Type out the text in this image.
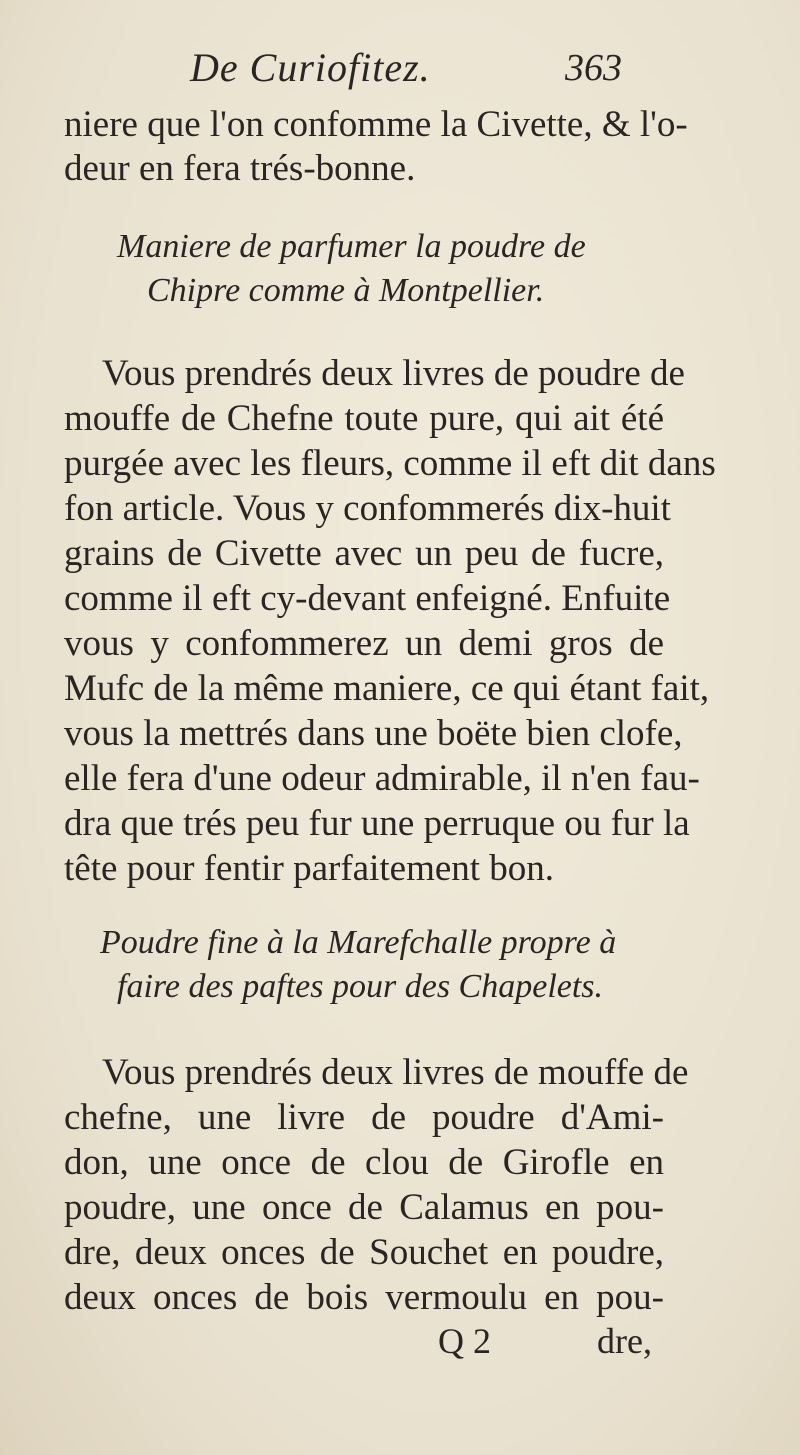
De Curiofitez.	363
niere que l'on confomme la Civette, & l'o-
deur en fera trés-bonne.
Maniere de parfumer la poudre de
Chipre comme à Montpellier.
Vous prendrés deux livres de poudre de
mouffe de Chefne toute pure, qui ait été
purgée avec les fleurs, comme il eft dit dans
fon article. Vous y confommerés dix-huit
grains de Civette avec un peu de fucre,
comme il eft cy-devant enfeigné. Enfuite
vous y confommerez un demi gros de
Mufc de la même maniere, ce qui étant fait,
vous la mettrés dans une boëte bien clofe,
elle fera d'une odeur admirable, il n'en fau-
dra que trés peu fur une perruque ou fur la
tête pour fentir parfaitement bon.
Poudre fine à la Marefchalle propre à
faire des paftes pour des Chapelets.
Vous prendrés deux livres de mouffe de
chefne, une livre de poudre d'Ami-
don, une once de clou de Girofle en
poudre, une once de Calamus en pou-
dre, deux onces de Souchet en poudre,
deux onces de bois vermoulu en pou-
Q 2	dre,
